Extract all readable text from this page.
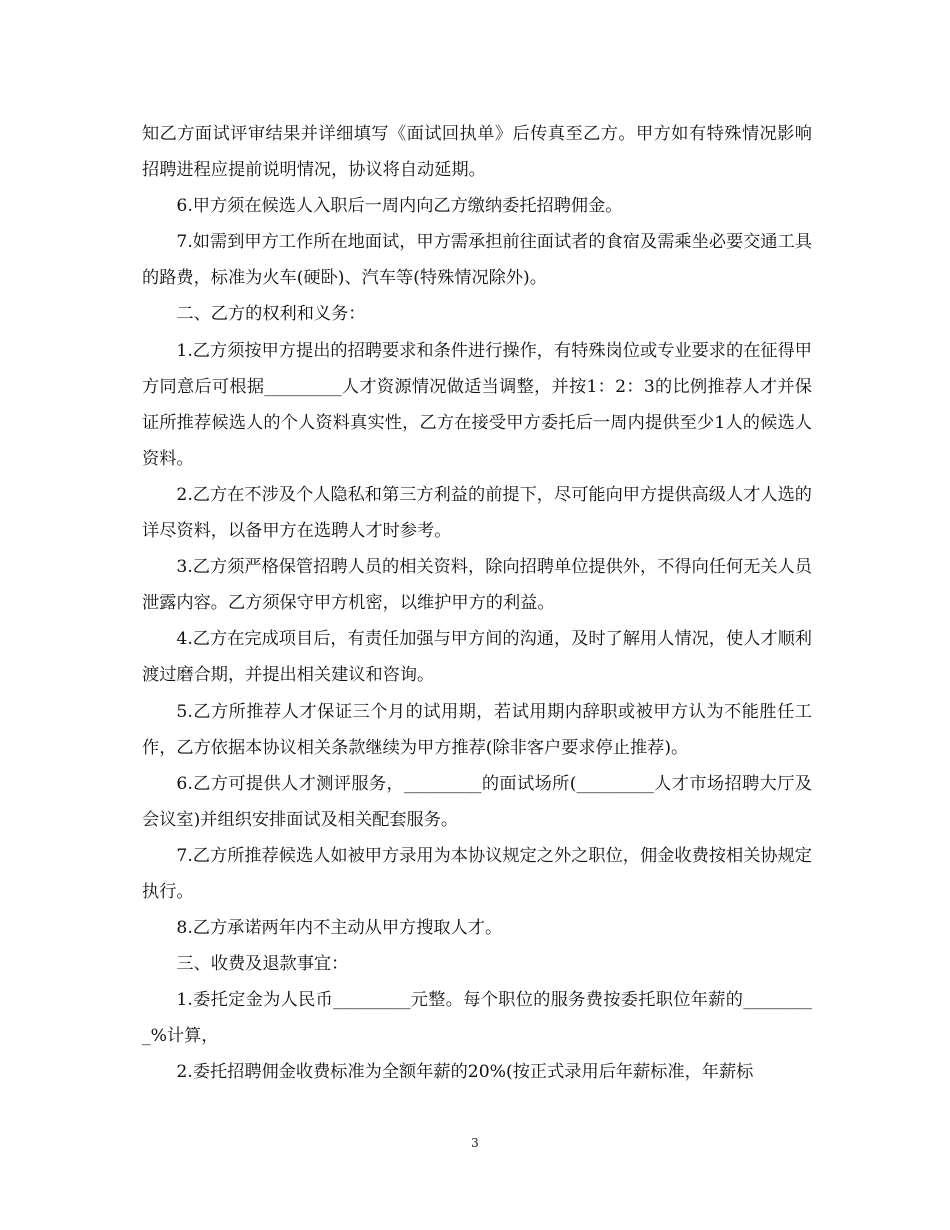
知乙方面试评审结果并详细填写《面试回执单》后传真至乙方。甲方如有特殊情况影响招聘进程应提前说明情况，协议将自动延期。

6.甲方须在候选人入职后一周内向乙方缴纳委托招聘佣金。

7.如需到甲方工作所在地面试，甲方需承担前往面试者的食宿及需乘坐必要交通工具的路费，标准为火车(硬卧)、汽车等(特殊情况除外)。

二、乙方的权利和义务：

1.乙方须按甲方提出的招聘要求和条件进行操作，有特殊岗位或专业要求的在征得甲方同意后可根据_________人才资源情况做适当调整，并按1：2：3的比例推荐人才并保证所推荐候选人的个人资料真实性，乙方在接受甲方委托后一周内提供至少1人的候选人资料。

2.乙方在不涉及个人隐私和第三方利益的前提下，尽可能向甲方提供高级人才人选的详尽资料，以备甲方在选聘人才时参考。

3.乙方须严格保管招聘人员的相关资料，除向招聘单位提供外，不得向任何无关人员泄露内容。乙方须保守甲方机密，以维护甲方的利益。

4.乙方在完成项目后，有责任加强与甲方间的沟通，及时了解用人情况，使人才顺利渡过磨合期，并提出相关建议和咨询。

5.乙方所推荐人才保证三个月的试用期，若试用期内辞职或被甲方认为不能胜任工作，乙方依据本协议相关条款继续为甲方推荐(除非客户要求停止推荐)。

6.乙方可提供人才测评服务，_________的面试场所(_________人才市场招聘大厅及会议室)并组织安排面试及相关配套服务。

7.乙方所推荐候选人如被甲方录用为本协议规定之外之职位，佣金收费按相关协规定执行。

8.乙方承诺两年内不主动从甲方搜取人才。

三、收费及退款事宜：

1.委托定金为人民币_________元整。每个职位的服务费按委托职位年薪的_________%计算，

2.委托招聘佣金收费标准为全额年薪的20%(按正式录用后年薪标准，年薪标

3
